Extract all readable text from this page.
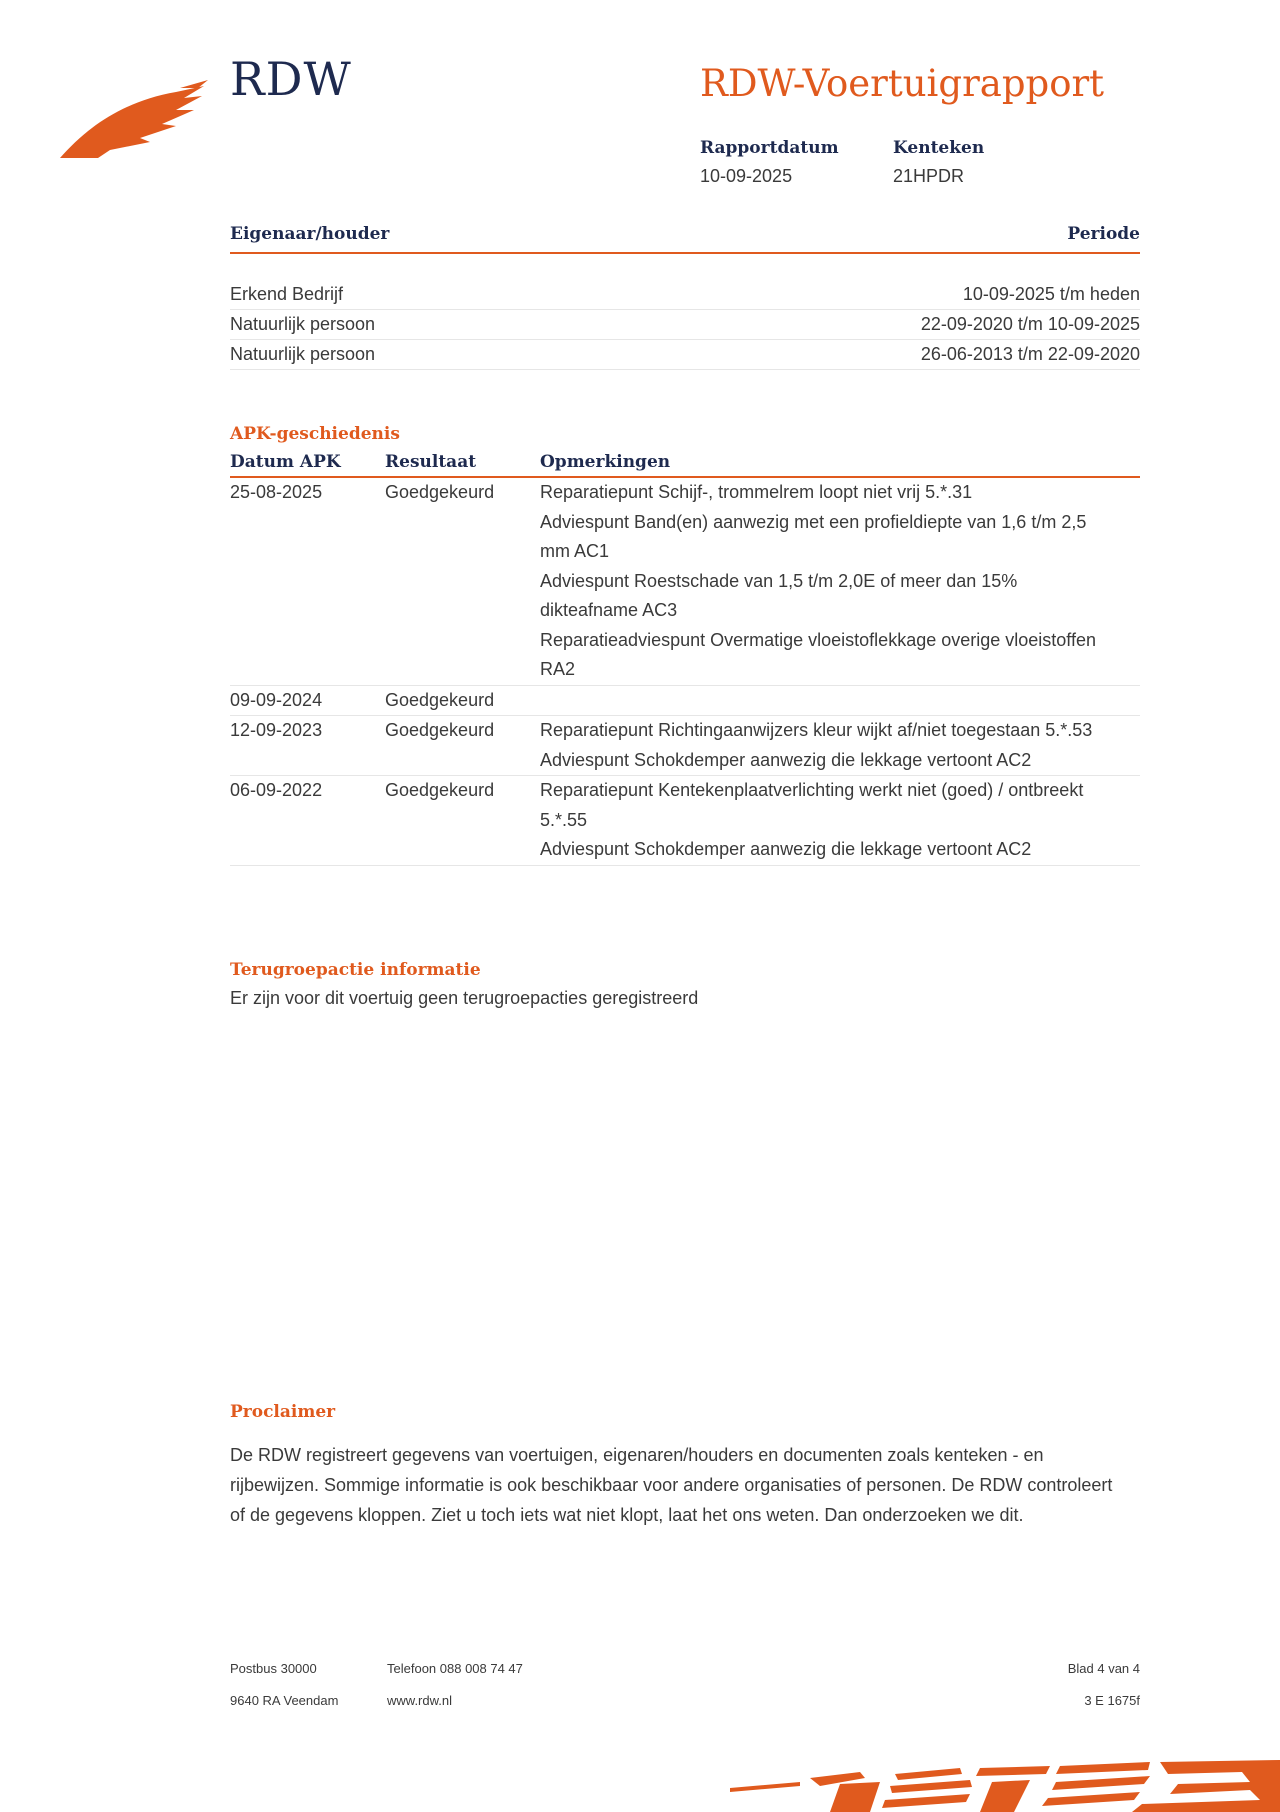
RDW	RDW-Voertuigrapport
Rapportdatum
10-09-2025
Kenteken
21HPDR
Eigenaar/houder	Periode
Erkend Bedrijf	10-09-2025 t/m heden
Natuurlijk persoon	22-09-2020 t/m 10-09-2025
Natuurlijk persoon	26-06-2013 t/m 22-09-2020
APK-geschiedenis
Datum APK	Resultaat	Opmerkingen
25-08-2025	Goedgekeurd	Reparatiepunt Schijf-, trommelrem loopt niet vrij 5.*.31
Adviespunt Band(en) aanwezig met een profieldiepte van 1,6 t/m 2,5 mm AC1
Adviespunt Roestschade van 1,5 t/m 2,0E of meer dan 15% dikteafname AC3
Reparatieadviespunt Overmatige vloeistoflekkage overige vloeistoffen RA2
09-09-2024	Goedgekeurd
12-09-2023	Goedgekeurd	Reparatiepunt Richtingaanwijzers kleur wijkt af/niet toegestaan 5.*.53
Adviespunt Schokdemper aanwezig die lekkage vertoont AC2
06-09-2022	Goedgekeurd	Reparatiepunt Kentekenplaatverlichting werkt niet (goed) / ontbreekt 5.*.55
Adviespunt Schokdemper aanwezig die lekkage vertoont AC2
Terugroepactie informatie
Er zijn voor dit voertuig geen terugroepacties geregistreerd
Proclaimer
De RDW registreert gegevens van voertuigen, eigenaren/houders en documenten zoals kenteken - en rijbewijzen. Sommige informatie is ook beschikbaar voor andere organisaties of personen. De RDW controleert of de gegevens kloppen. Ziet u toch iets wat niet klopt, laat het ons weten. Dan onderzoeken we dit.
Postbus 30000
9640 RA Veendam
Telefoon 088 008 74 47
www.rdw.nl
Blad 4 van 4
3 E 1675f
